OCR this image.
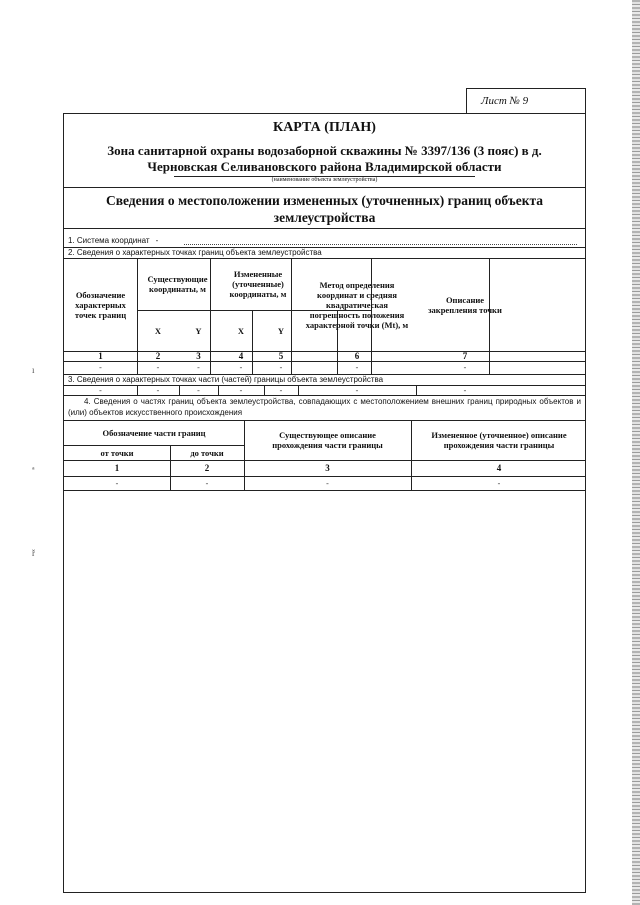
ı
ª
ř
Лист № 9
КАРТА (ПЛАН)
Зона санитарной охраны водозаборной скважины № 3397/136 (3 пояс) в д.
Черновская Селивановского района Владимирской области
(наименование объекта землеустройства)
Сведения о местоположении измененных (уточненных) границ объекта
землеустройства
1. Система координат -
2. Сведения о характерных точках границ объекта землеустройства
Обозначение характерных точек границ
Существующие координаты, м
Измененные (уточненные) координаты, м
X	Y	X	Y
Метод определения координат и средняя квадратическая погрешность положения характерной точки (Мt), м
Описание закрепления точки
1	2	3	4	5	6	7
-	-	-	-	-	-	-
3. Сведения о характерных точках части (частей) границы объекта землеустройства
-	-	-	-	-	-	-
4. Сведения о частях границ объекта землеустройства, совпадающих с местоположением внешних границ природных объектов и (или) объектов искусственного происхождения
Обозначение части границ
от точки	до точки
Существующее описание прохождения части границы
Измененное (уточненное) описание прохождения части границы
1	2	3	4
-	-	-	-
